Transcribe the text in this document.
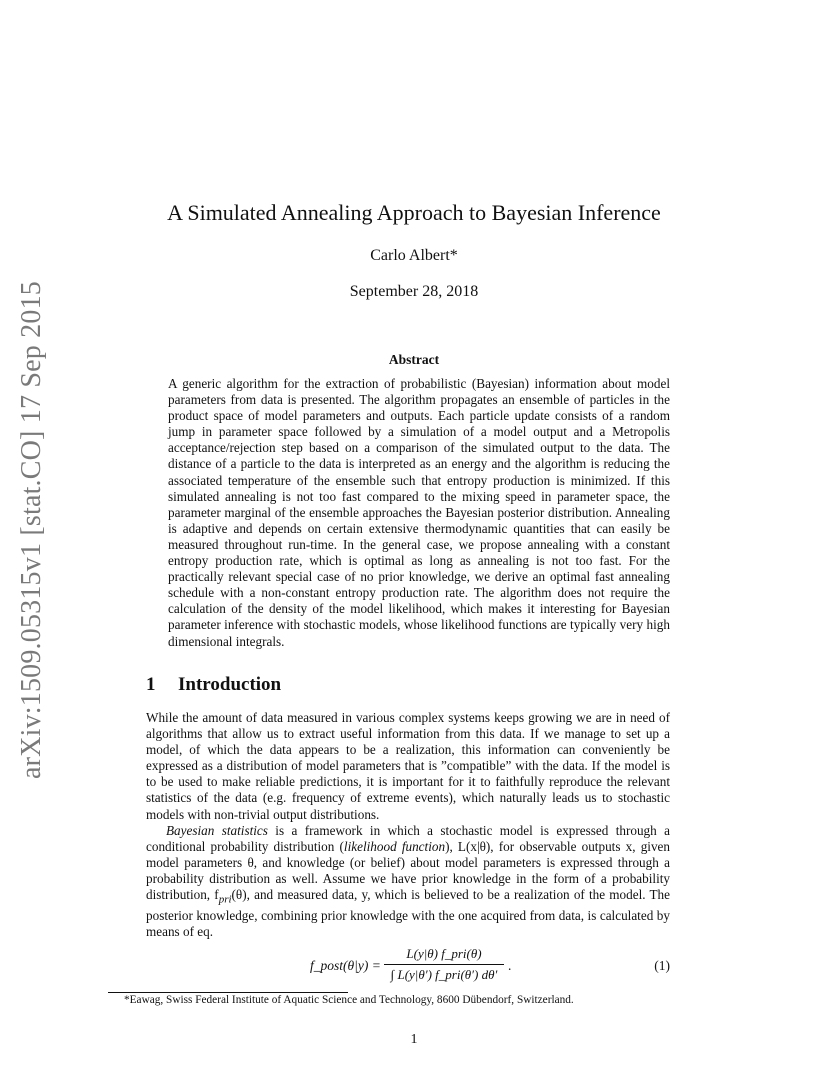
arXiv:1509.05315v1 [stat.CO] 17 Sep 2015
A Simulated Annealing Approach to Bayesian Inference
Carlo Albert*
September 28, 2018
Abstract
A generic algorithm for the extraction of probabilistic (Bayesian) information about model parameters from data is presented. The algorithm propagates an ensemble of particles in the product space of model parameters and outputs. Each particle update consists of a random jump in parameter space followed by a simulation of a model output and a Metropolis acceptance/rejection step based on a comparison of the simulated output to the data. The distance of a particle to the data is interpreted as an energy and the algorithm is reducing the associated temperature of the ensemble such that entropy production is minimized. If this simulated annealing is not too fast compared to the mixing speed in parameter space, the parameter marginal of the ensemble approaches the Bayesian posterior distribution. Annealing is adaptive and depends on certain extensive thermodynamic quantities that can easily be measured throughout run-time. In the general case, we propose annealing with a constant entropy production rate, which is optimal as long as annealing is not too fast. For the practically relevant special case of no prior knowledge, we derive an optimal fast annealing schedule with a non-constant entropy production rate. The algorithm does not require the calculation of the density of the model likelihood, which makes it interesting for Bayesian parameter inference with stochastic models, whose likelihood functions are typically very high dimensional integrals.
1 Introduction
While the amount of data measured in various complex systems keeps growing we are in need of algorithms that allow us to extract useful information from this data. If we manage to set up a model, of which the data appears to be a realization, this information can conveniently be expressed as a distribution of model parameters that is ”compatible” with the data. If the model is to be used to make reliable predictions, it is important for it to faithfully reproduce the relevant statistics of the data (e.g. frequency of extreme events), which naturally leads us to stochastic models with non-trivial output distributions.
Bayesian statistics is a framework in which a stochastic model is expressed through a conditional probability distribution (likelihood function), L(x|θ), for observable outputs x, given model parameters θ, and knowledge (or belief) about model parameters is expressed through a probability distribution as well. Assume we have prior knowledge in the form of a probability distribution, $f_{pri}(\theta)$, and measured data, y, which is believed to be a realization of the model. The posterior knowledge, combining prior knowledge with the one acquired from data, is calculated by means of eq.
f_post(θ|y) =
L(y|θ) f_pri(θ)
∫ L(y|θ′) f_pri(θ′) dθ′
.	(1)
*Eawag, Swiss Federal Institute of Aquatic Science and Technology, 8600 Dübendorf, Switzerland.
1
